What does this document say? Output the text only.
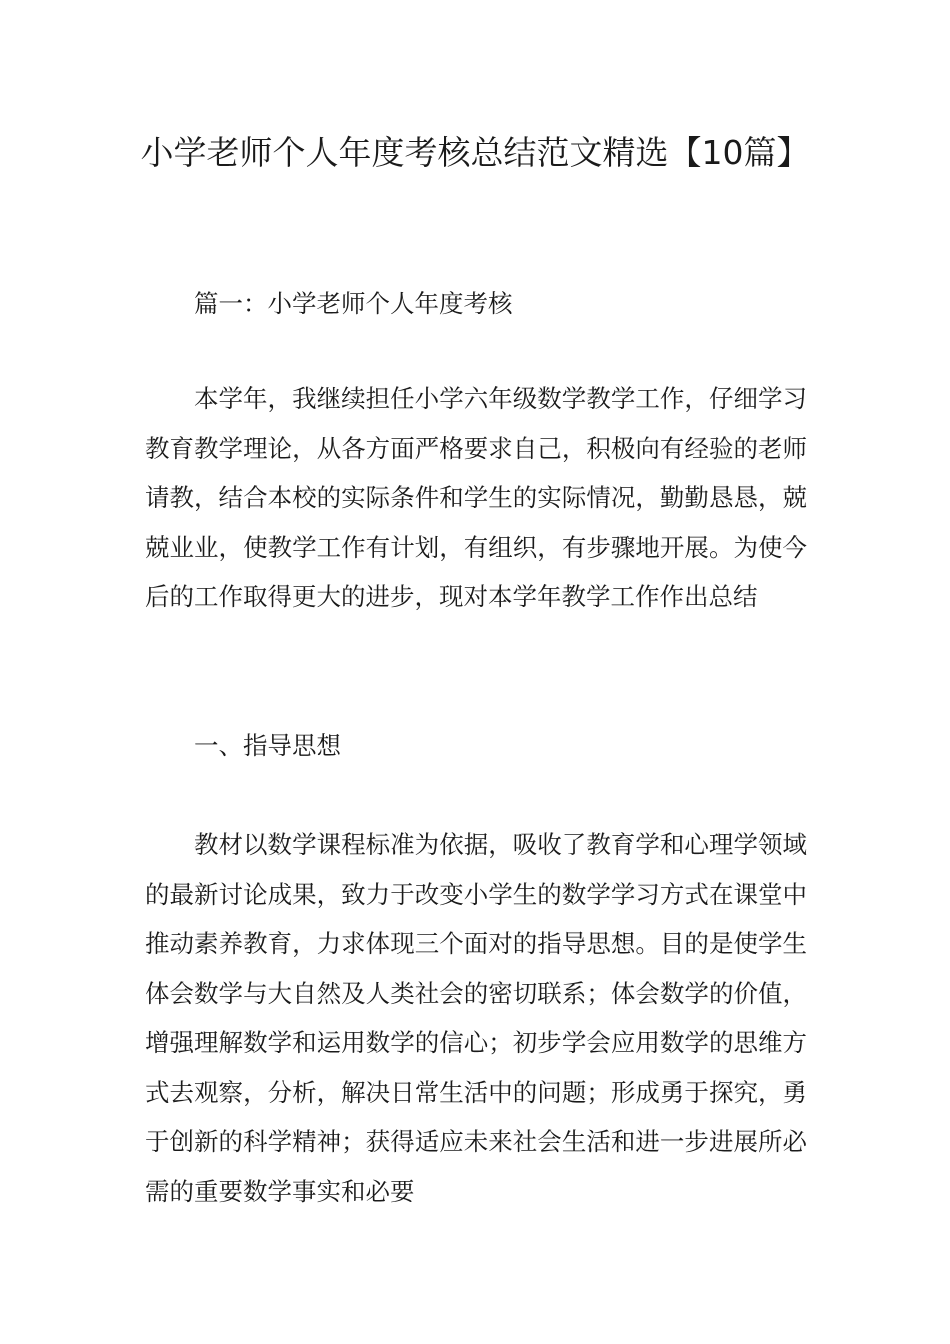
小学老师个人年度考核总结范文精选【10篇】

篇一：小学老师个人年度考核

本学年，我继续担任小学六年级数学教学工作，仔细学习教育教学理论，从各方面严格要求自己，积极向有经验的老师请教，结合本校的实际条件和学生的实际情况，勤勤恳恳，兢兢业业，使教学工作有计划，有组织，有步骤地开展。为使今后的工作取得更大的进步，现对本学年教学工作作出总结

一、指导思想

教材以数学课程标准为依据，吸收了教育学和心理学领域的最新讨论成果，致力于改变小学生的数学学习方式在课堂中推动素养教育，力求体现三个面对的指导思想。目的是使学生体会数学与大自然及人类社会的密切联系；体会数学的价值，增强理解数学和运用数学的信心；初步学会应用数学的思维方式去观察，分析，解决日常生活中的问题；形成勇于探究，勇于创新的科学精神；获得适应未来社会生活和进一步进展所必需的重要数学事实和必要
